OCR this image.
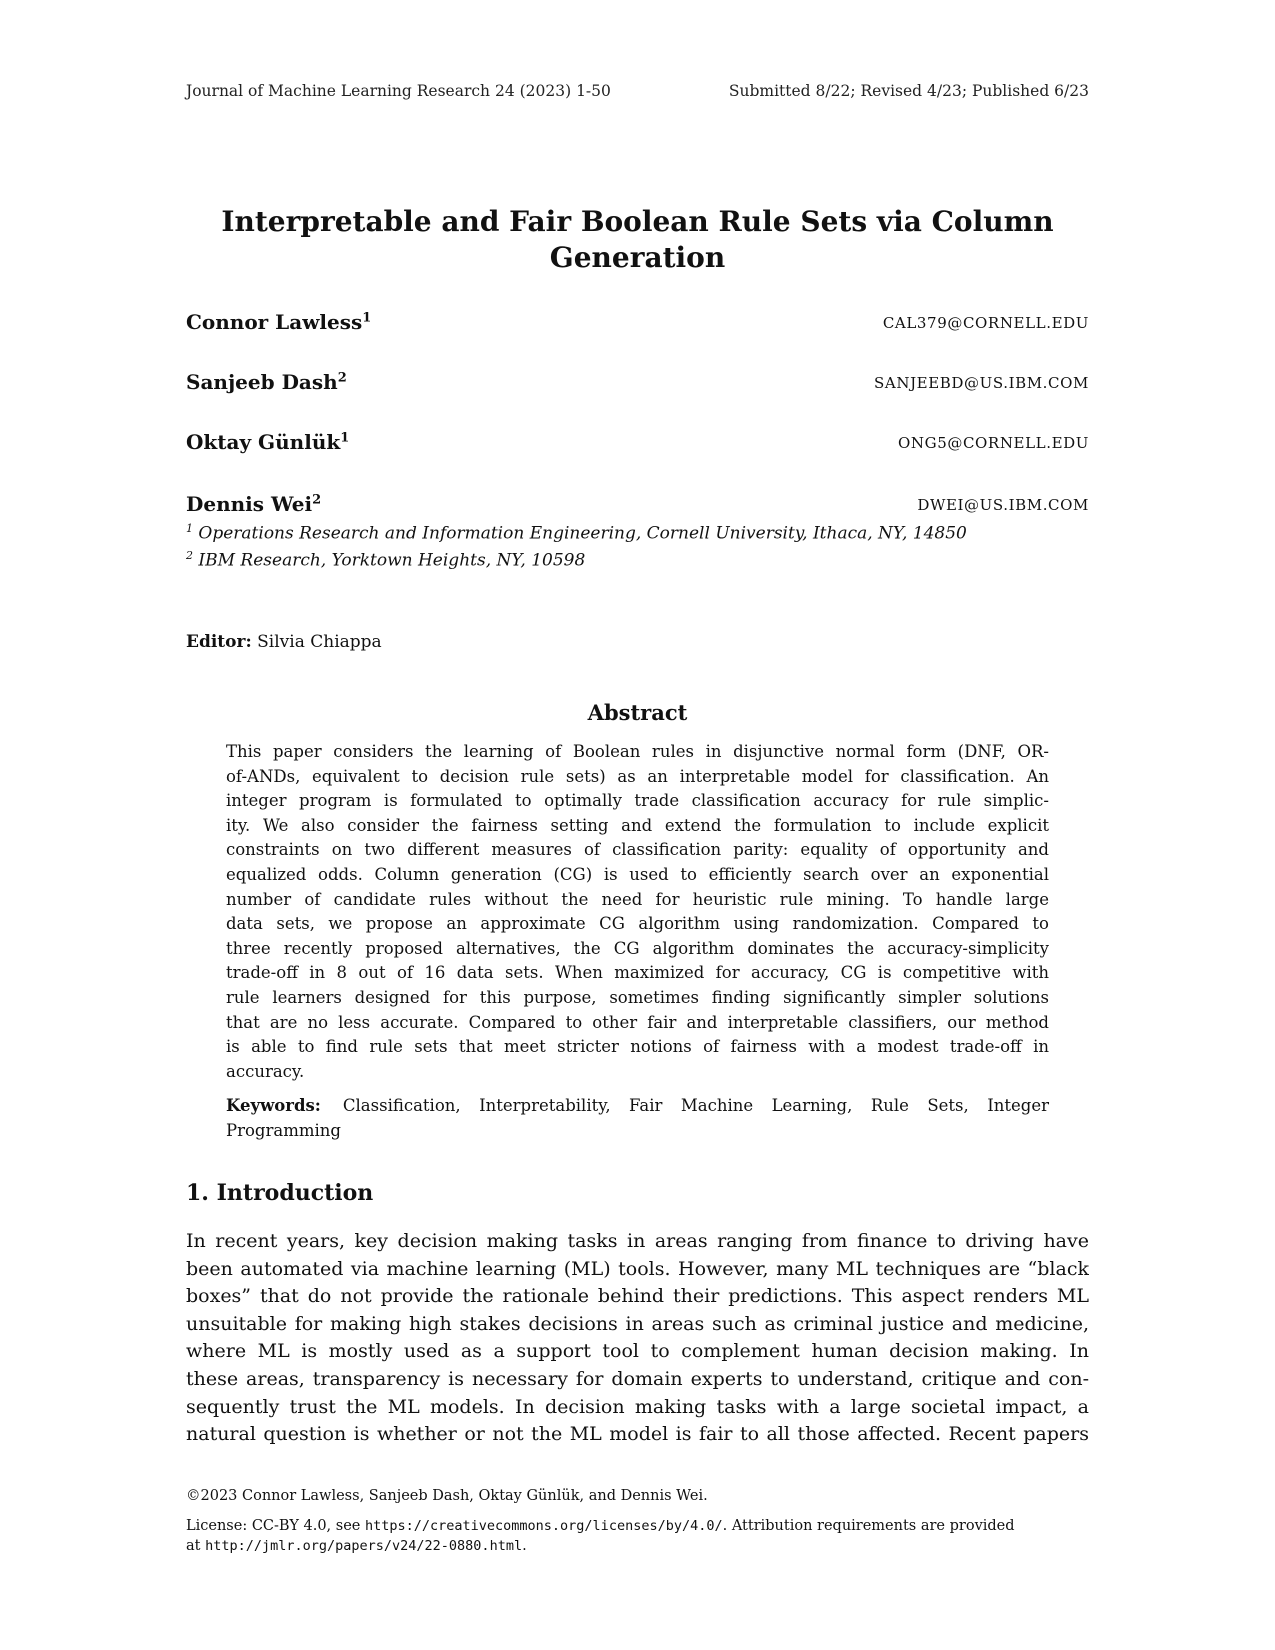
Journal of Machine Learning Research 24 (2023) 1-50	Submitted 8/22; Revised 4/23; Published 6/23
Interpretable and Fair Boolean Rule Sets via Column
Generation
Connor Lawless$^1$	CAL379@CORNELL.EDU
Sanjeeb Dash$^2$	SANJEEBD@US.IBM.COM
Oktay Günlük$^1$	ONG5@CORNELL.EDU
Dennis Wei$^2$	DWEI@US.IBM.COM
$^1$ Operations Research and Information Engineering, Cornell University, Ithaca, NY, 14850
$^2$ IBM Research, Yorktown Heights, NY, 10598
Editor: Silvia Chiappa
Abstract
This paper considers the learning of Boolean rules in disjunctive normal form (DNF, OR-
of-ANDs, equivalent to decision rule sets) as an interpretable model for classification. An
integer program is formulated to optimally trade classification accuracy for rule simplic-
ity. We also consider the fairness setting and extend the formulation to include explicit
constraints on two different measures of classification parity: equality of opportunity and
equalized odds. Column generation (CG) is used to efficiently search over an exponential
number of candidate rules without the need for heuristic rule mining. To handle large
data sets, we propose an approximate CG algorithm using randomization. Compared to
three recently proposed alternatives, the CG algorithm dominates the accuracy-simplicity
trade-off in 8 out of 16 data sets. When maximized for accuracy, CG is competitive with
rule learners designed for this purpose, sometimes finding significantly simpler solutions
that are no less accurate. Compared to other fair and interpretable classifiers, our method
is able to find rule sets that meet stricter notions of fairness with a modest trade-off in
accuracy.
Keywords: Classification, Interpretability, Fair Machine Learning, Rule Sets, Integer
Programming
1. Introduction
In recent years, key decision making tasks in areas ranging from finance to driving have
been automated via machine learning (ML) tools. However, many ML techniques are “black
boxes” that do not provide the rationale behind their predictions. This aspect renders ML
unsuitable for making high stakes decisions in areas such as criminal justice and medicine,
where ML is mostly used as a support tool to complement human decision making. In
these areas, transparency is necessary for domain experts to understand, critique and con-
sequently trust the ML models. In decision making tasks with a large societal impact, a
natural question is whether or not the ML model is fair to all those affected. Recent papers
©2023 Connor Lawless, Sanjeeb Dash, Oktay Günlük, and Dennis Wei.
License: CC-BY 4.0, see https://creativecommons.org/licenses/by/4.0/. Attribution requirements are provided
at http://jmlr.org/papers/v24/22-0880.html.
